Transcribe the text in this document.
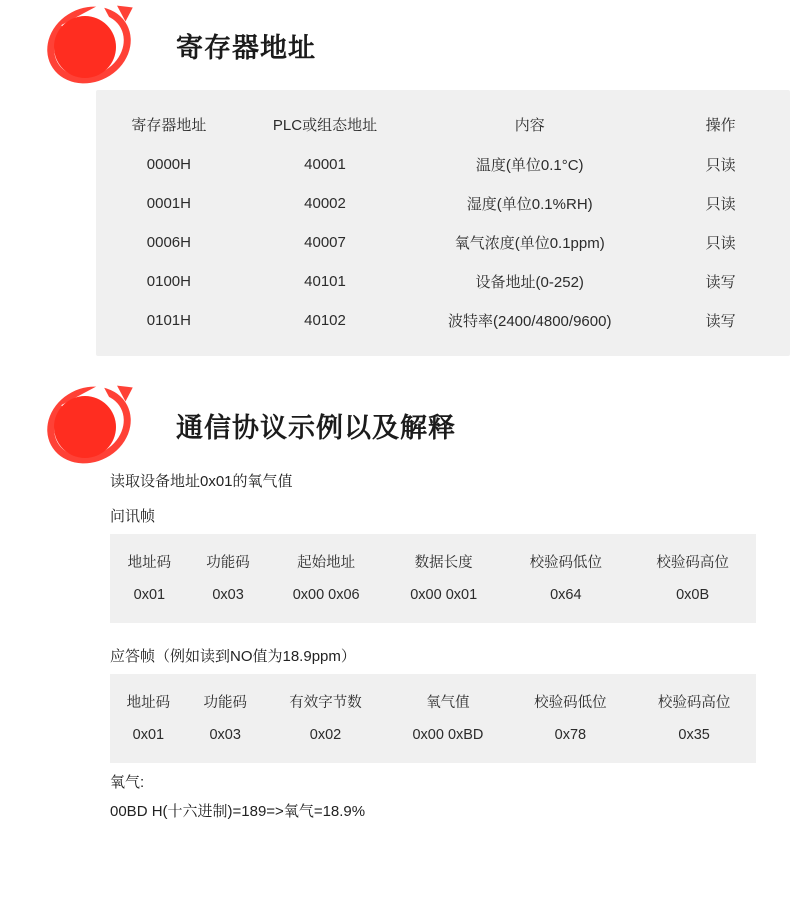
寄存器地址
寄存器地址	PLC或组态地址	内容	操作
0000H	40001	温度(单位0.1°C)	只读
0001H	40002	湿度(单位0.1%RH)	只读
0006H	40007	氧气浓度(单位0.1ppm)	只读
0100H	40101	设备地址(0-252)	读写
0101H	40102	波特率(2400/4800/9600)	读写
通信协议示例以及解释

读取设备地址0x01的氧气值

问讯帧

地址码	功能码	起始地址	数据长度	校验码低位	校验码高位
0x01	0x03	0x00 0x06	0x00 0x01	0x64	0x0B

应答帧（例如读到NO值为18.9ppm）

地址码	功能码	有效字节数	氧气值	校验码低位	校验码高位
0x01	0x03	0x02	0x00 0xBD	0x78	0x35

氧气:

00BD H(十六进制)=189=>氧气=18.9%
